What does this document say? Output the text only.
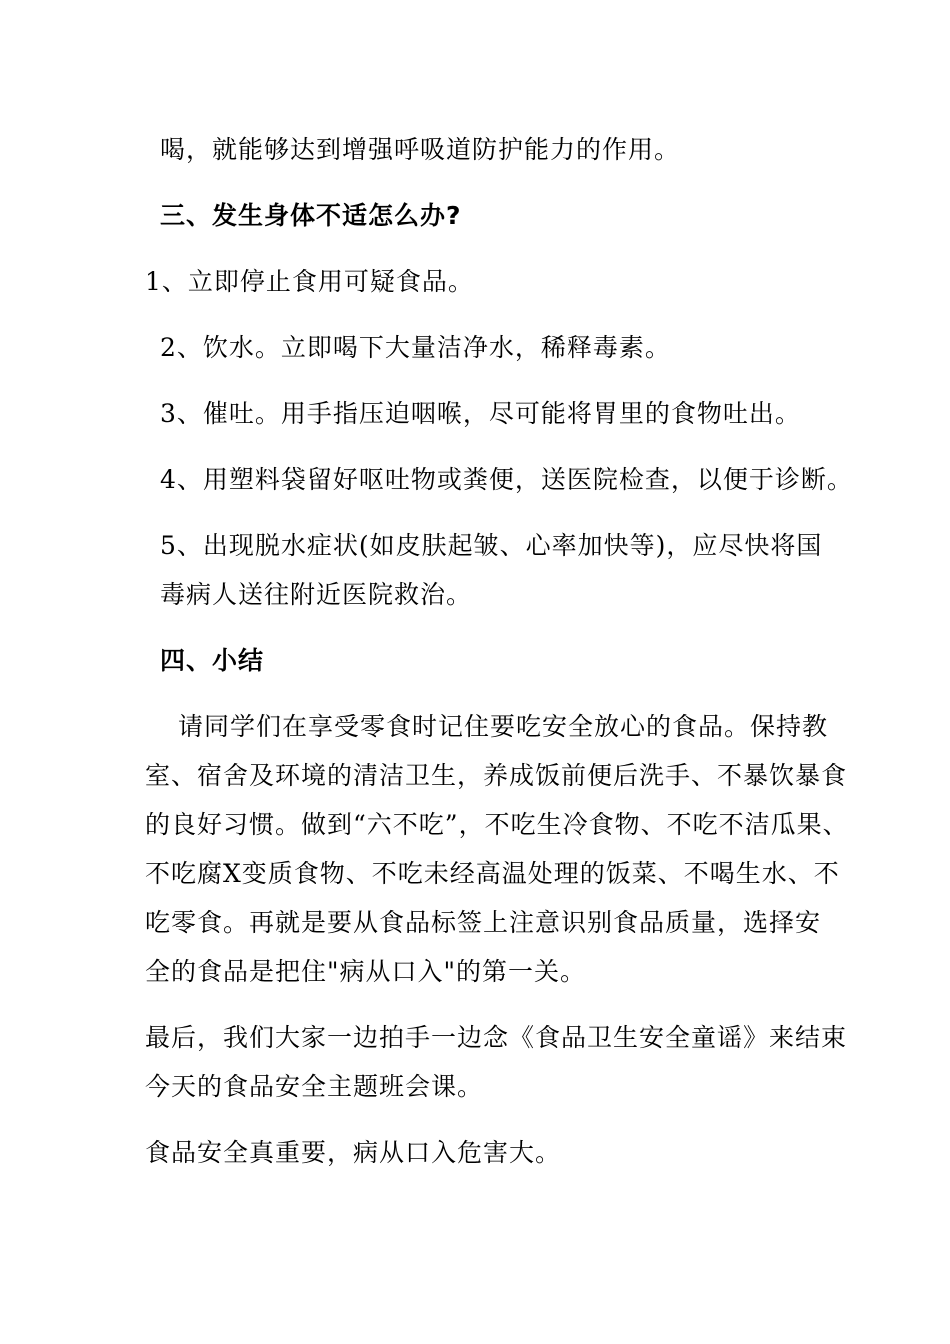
喝，就能够达到增强呼吸道防护能力的作用。
三、发生身体不适怎么办?
1、立即停止食用可疑食品。
2、饮水。立即喝下大量洁净水，稀释毒素。
3、催吐。用手指压迫咽喉，尽可能将胃里的食物吐出。
4、用塑料袋留好呕吐物或粪便，送医院检查，以便于诊断。
5、出现脱水症状(如皮肤起皱、心率加快等)，应尽快将国
毒病人送往附近医院救治。
四、小结
请同学们在享受零食时记住要吃安全放心的食品。保持教
室、宿舍及环境的清洁卫生，养成饭前便后洗手、不暴饮暴食
的良好习惯。做到“六不吃”，不吃生冷食物、不吃不洁瓜果、
不吃腐X变质食物、不吃未经高温处理的饭菜、不喝生水、不
吃零食。再就是要从食品标签上注意识别食品质量，选择安
全的食品是把住"病从口入"的第一关。
最后，我们大家一边拍手一边念《食品卫生安全童谣》来结束
今天的食品安全主题班会课。
食品安全真重要，病从口入危害大。
